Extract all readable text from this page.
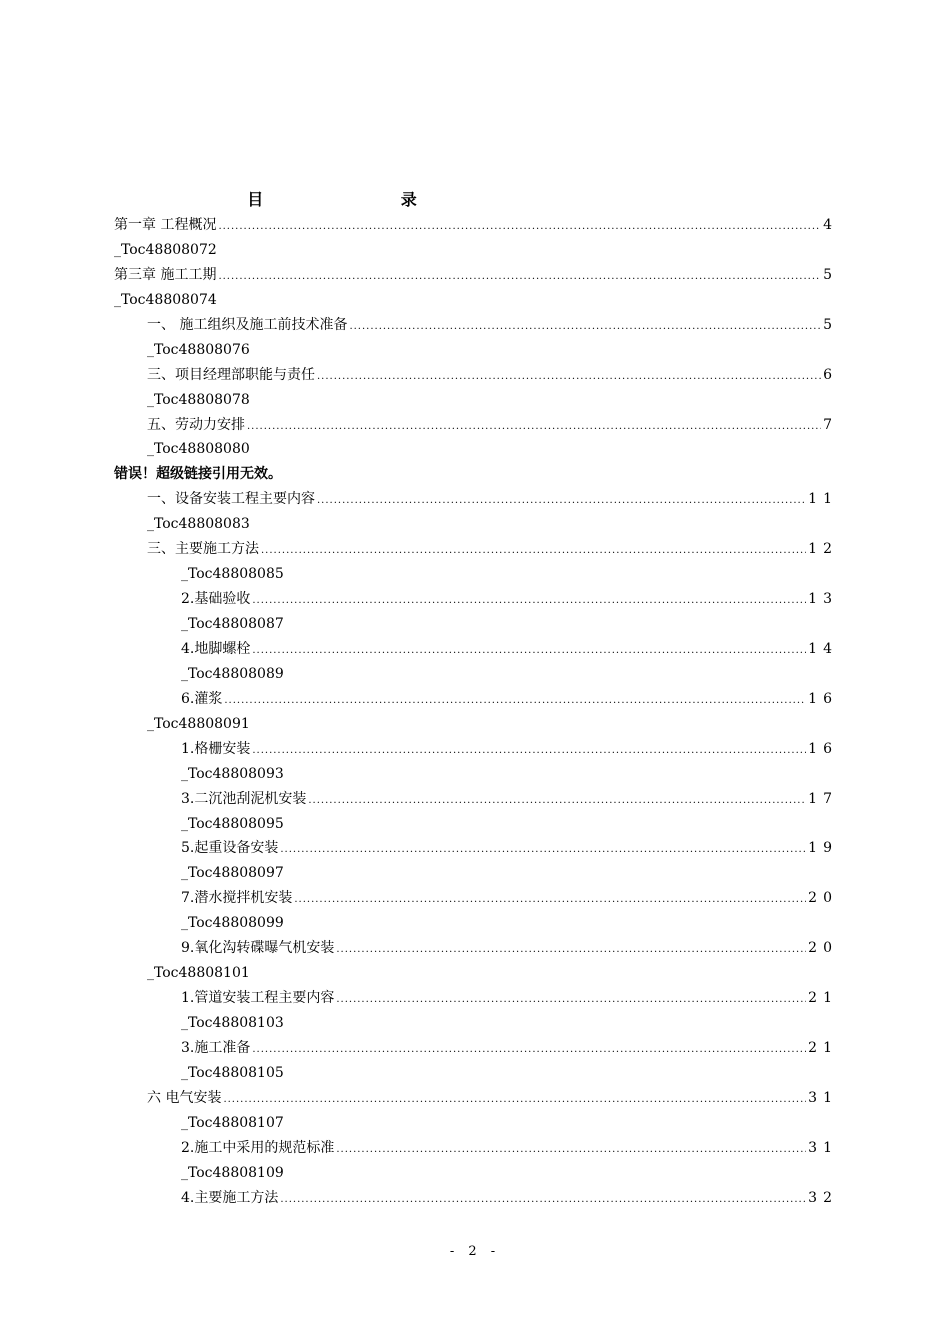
目 录
第一章 工程概况 .....	4
_Toc48808072
第三章 施工工期 .....	5
_Toc48808074
一、 施工组织及施工前技术准备 .....	5
_Toc48808076
三、项目经理部职能与责任 .....	6
_Toc48808078
五、劳动力安排 .....	7
_Toc48808080
错误！超级链接引用无效。
一、设备安装工程主要内容 .....	11
_Toc48808083
三、主要施工方法 .....	12
_Toc48808085
2.基础验收 .....	13
_Toc48808087
4.地脚螺栓 .....	14
_Toc48808089
6.灌浆 .....	16
_Toc48808091
1.格栅安装 .....	16
_Toc48808093
3.二沉池刮泥机安装 .....	17
_Toc48808095
5.起重设备安装 .....	19
_Toc48808097
7.潜水搅拌机安装 .....	20
_Toc48808099
9.氧化沟转碟曝气机安装 .....	20
_Toc48808101
1.管道安装工程主要内容 .....	21
_Toc48808103
3.施工准备 .....	21
_Toc48808105
六 电气安装 .....	31
_Toc48808107
2.施工中采用的规范标准 .....	31
_Toc48808109
4.主要施工方法 .....	32
- 2 -
